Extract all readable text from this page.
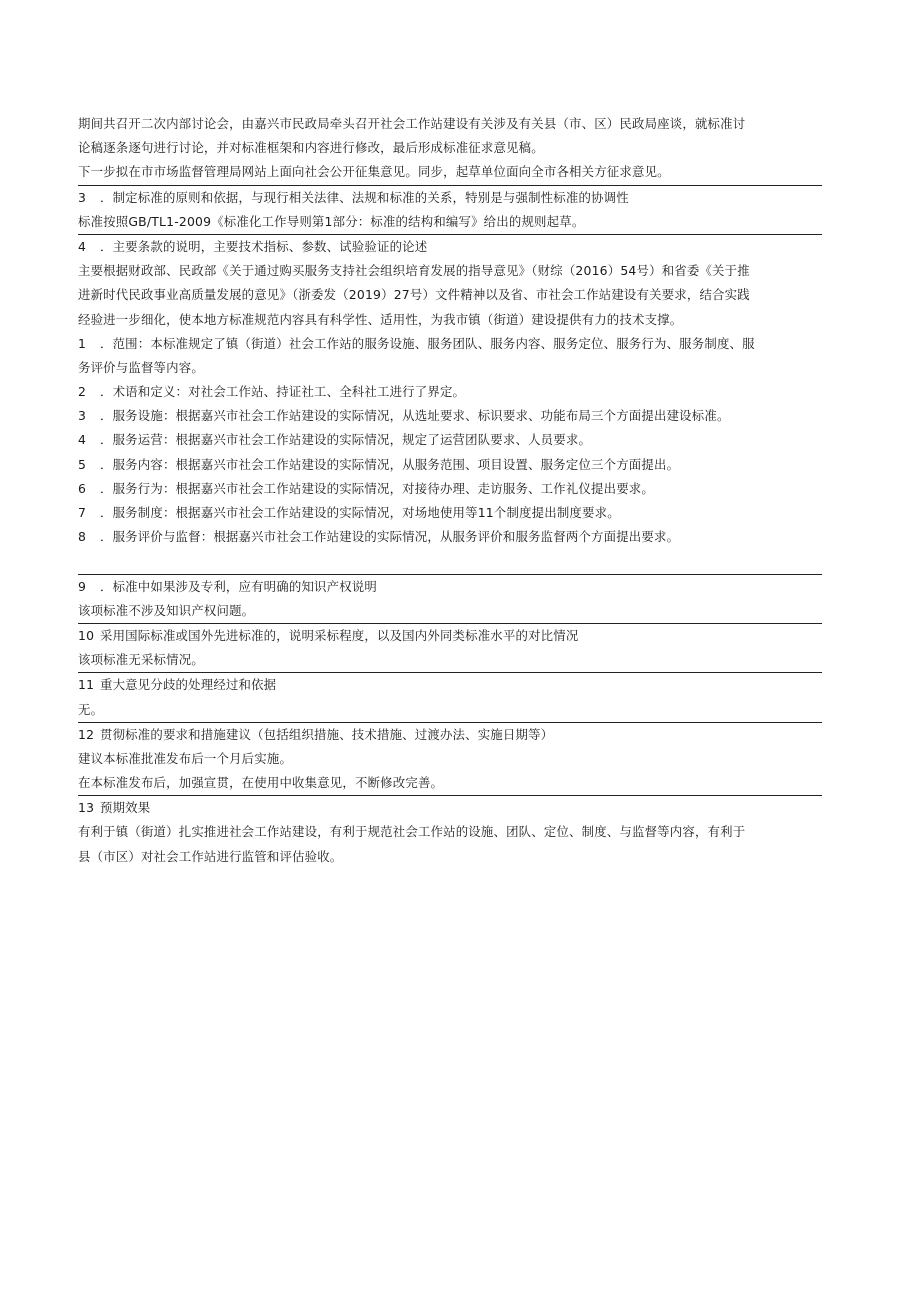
期间共召开二次内部讨论会，由嘉兴市民政局牵头召开社会工作站建设有关涉及有关县（市、区）民政局座谈，就标准讨
论稿逐条逐句进行讨论，并对标准框架和内容进行修改，最后形成标准征求意见稿。
下一步拟在市市场监督管理局网站上面向社会公开征集意见。同步，起草单位面向全市各相关方征求意见。
3 ．制定标准的原则和依据，与现行相关法律、法规和标准的关系，特别是与强制性标准的协调性
标准按照GB/TL1-2009《标准化工作导则第1部分：标准的结构和编写》给出的规则起草。
4 ．主要条款的说明，主要技术指标、参数、试验验证的论述
主要根据财政部、民政部《关于通过购买服务支持社会组织培育发展的指导意见》（财综（2016）54号）和省委《关于推
进新时代民政事业高质量发展的意见》（浙委发（2019）27号）文件精神以及省、市社会工作站建设有关要求，结合实践
经验进一步细化，使本地方标准规范内容具有科学性、适用性，为我市镇（街道）建设提供有力的技术支撑。
1 ．范围：本标准规定了镇（街道）社会工作站的服务设施、服务团队、服务内容、服务定位、服务行为、服务制度、服
务评价与监督等内容。
2 ．术语和定义：对社会工作站、持证社工、全科社工进行了界定。
3 ．服务设施：根据嘉兴市社会工作站建设的实际情况，从选址要求、标识要求、功能布局三个方面提出建设标准。
4 ．服务运营：根据嘉兴市社会工作站建设的实际情况，规定了运营团队要求、人员要求。
5 ．服务内容：根据嘉兴市社会工作站建设的实际情况，从服务范围、项目设置、服务定位三个方面提出。
6 ．服务行为：根据嘉兴市社会工作站建设的实际情况，对接待办理、走访服务、工作礼仪提出要求。
7 ．服务制度：根据嘉兴市社会工作站建设的实际情况，对场地使用等11个制度提出制度要求。
8 ．服务评价与监督：根据嘉兴市社会工作站建设的实际情况，从服务评价和服务监督两个方面提出要求。
9 ．标准中如果涉及专利，应有明确的知识产权说明
该项标准不涉及知识产权问题。
10 采用国际标准或国外先进标准的，说明采标程度，以及国内外同类标准水平的对比情况
该项标准无采标情况。
11 重大意见分歧的处理经过和依据
无。
12 贯彻标准的要求和措施建议（包括组织措施、技术措施、过渡办法、实施日期等）
建议本标准批准发布后一个月后实施。
在本标准发布后，加强宣贯，在使用中收集意见，不断修改完善。
13 预期效果
有利于镇（街道）扎实推进社会工作站建设，有利于规范社会工作站的设施、团队、定位、制度、与监督等内容，有利于
县（市区）对社会工作站进行监管和评估验收。
